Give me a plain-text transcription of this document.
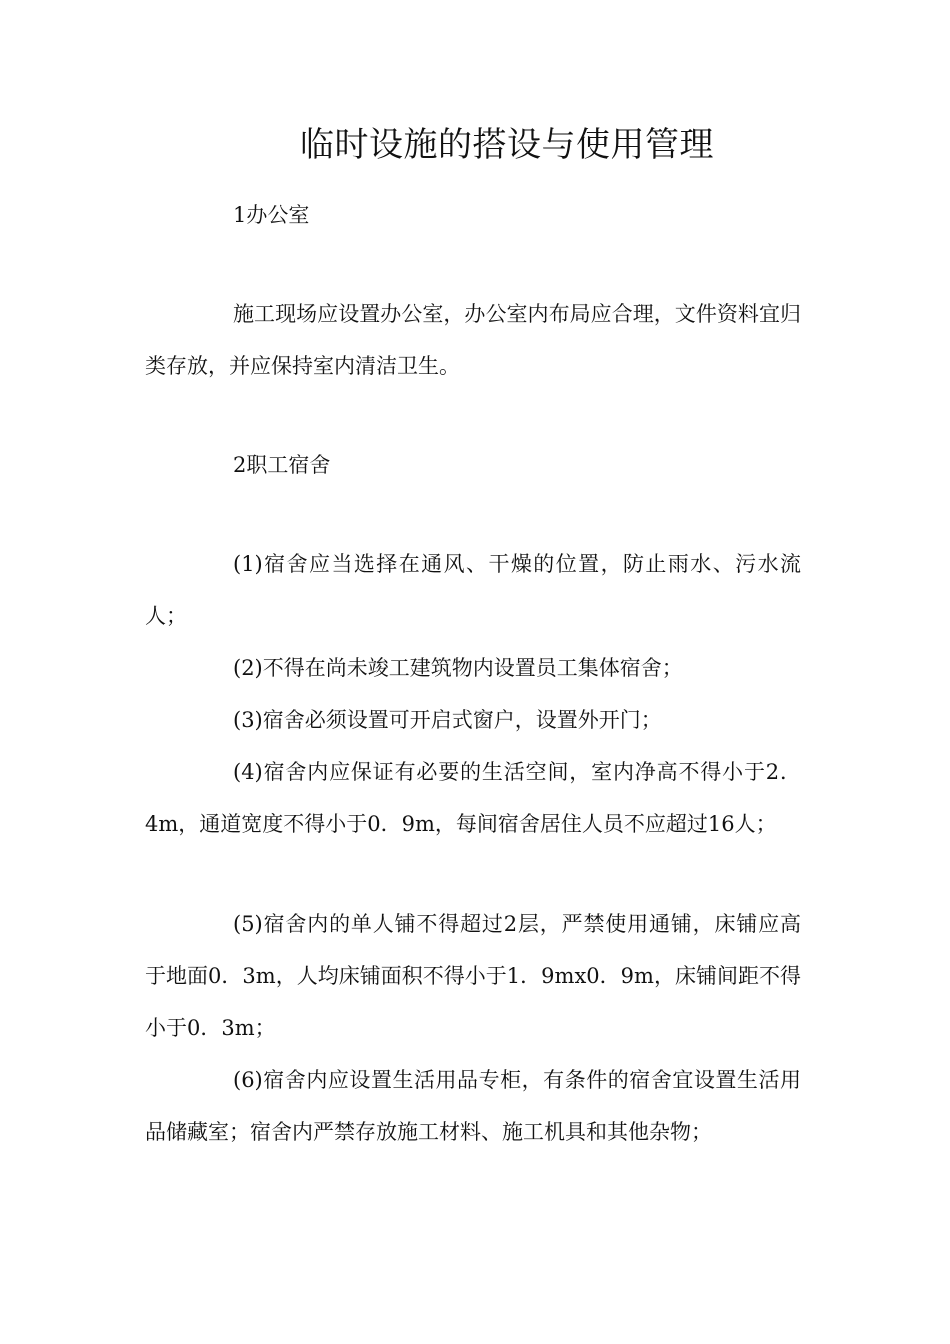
临时设施的搭设与使用管理
1办公室

施工现场应设置办公室，办公室内布局应合理，文件资料宜归类存放，并应保持室内清洁卫生。

2职工宿舍

(1)宿舍应当选择在通风、干燥的位置，防止雨水、污水流人；

(2)不得在尚未竣工建筑物内设置员工集体宿舍；

(3)宿舍必须设置可开启式窗户，设置外开门；

(4)宿舍内应保证有必要的生活空间，室内净高不得小于2．4m，通道宽度不得小于0．9m，每间宿舍居住人员不应超过16人；

(5)宿舍内的单人铺不得超过2层，严禁使用通铺，床铺应高于地面0．3m，人均床铺面积不得小于1．9mx0．9m，床铺间距不得小于0．3m；

(6)宿舍内应设置生活用品专柜，有条件的宿舍宜设置生活用品储藏室；宿舍内严禁存放施工材料、施工机具和其他杂物；
